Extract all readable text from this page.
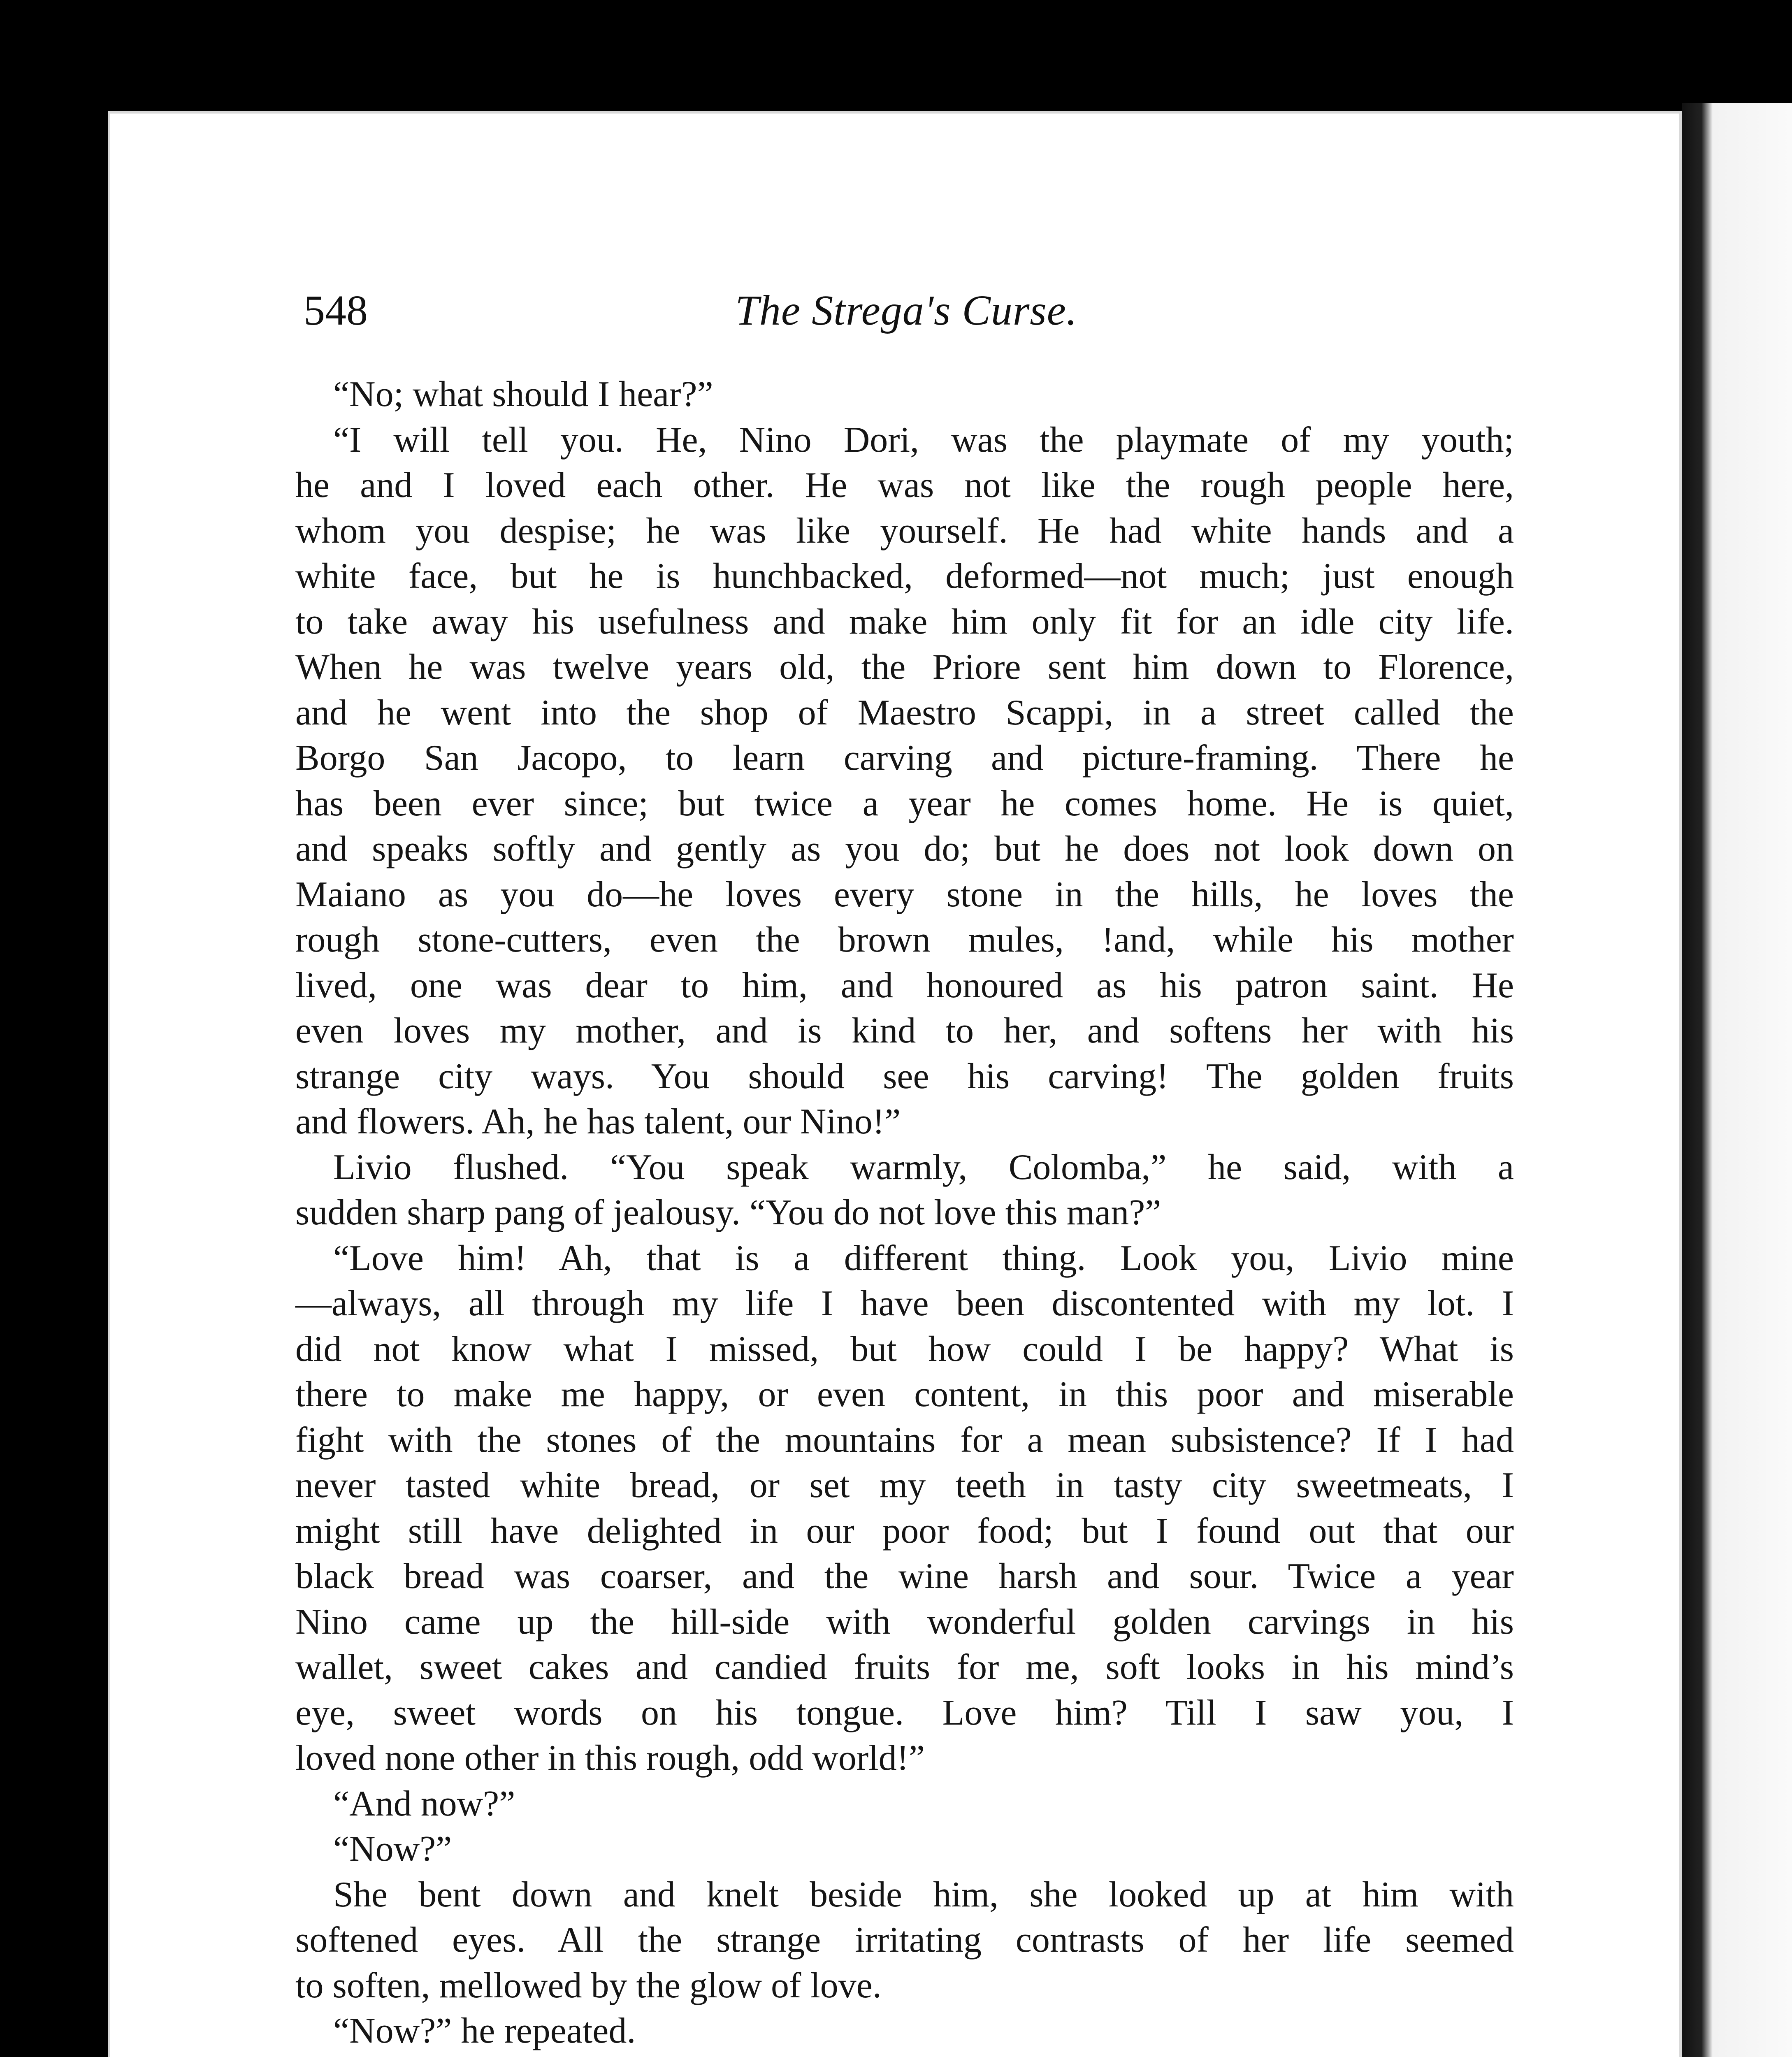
548	The Strega's Curse.
“No; what should I hear?”
“I will tell you. He, Nino Dori, was the playmate of my youth;
he and I loved each other. He was not like the rough people here,
whom you despise; he was like yourself. He had white hands and a
white face, but he is hunchbacked, deformed—not much; just enough
to take away his usefulness and make him only fit for an idle city life.
When he was twelve years old, the Priore sent him down to Florence,
and he went into the shop of Maestro Scappi, in a street called the
Borgo San Jacopo, to learn carving and picture-framing. There he
has been ever since; but twice a year he comes home. He is quiet,
and speaks softly and gently as you do; but he does not look down on
Maiano as you do—he loves every stone in the hills, he loves the
rough stone-cutters, even the brown mules, !and, while his mother
lived, one was dear to him, and honoured as his patron saint. He
even loves my mother, and is kind to her, and softens her with his
strange city ways. You should see his carving! The golden fruits
and flowers. Ah, he has talent, our Nino!”
Livio flushed. “You speak warmly, Colomba,” he said, with a
sudden sharp pang of jealousy. “You do not love this man?”
“Love him! Ah, that is a different thing. Look you, Livio mine
—always, all through my life I have been discontented with my lot. I
did not know what I missed, but how could I be happy? What is
there to make me happy, or even content, in this poor and miserable
fight with the stones of the mountains for a mean subsistence? If I had
never tasted white bread, or set my teeth in tasty city sweetmeats, I
might still have delighted in our poor food; but I found out that our
black bread was coarser, and the wine harsh and sour. Twice a year
Nino came up the hill-side with wonderful golden carvings in his
wallet, sweet cakes and candied fruits for me, soft looks in his mind’s
eye, sweet words on his tongue. Love him? Till I saw you, I
loved none other in this rough, odd world!”
“And now?”
“Now?”
She bent down and knelt beside him, she looked up at him with
softened eyes. All the strange irritating contrasts of her life seemed
to soften, mellowed by the glow of love.
“Now?” he repeated.
